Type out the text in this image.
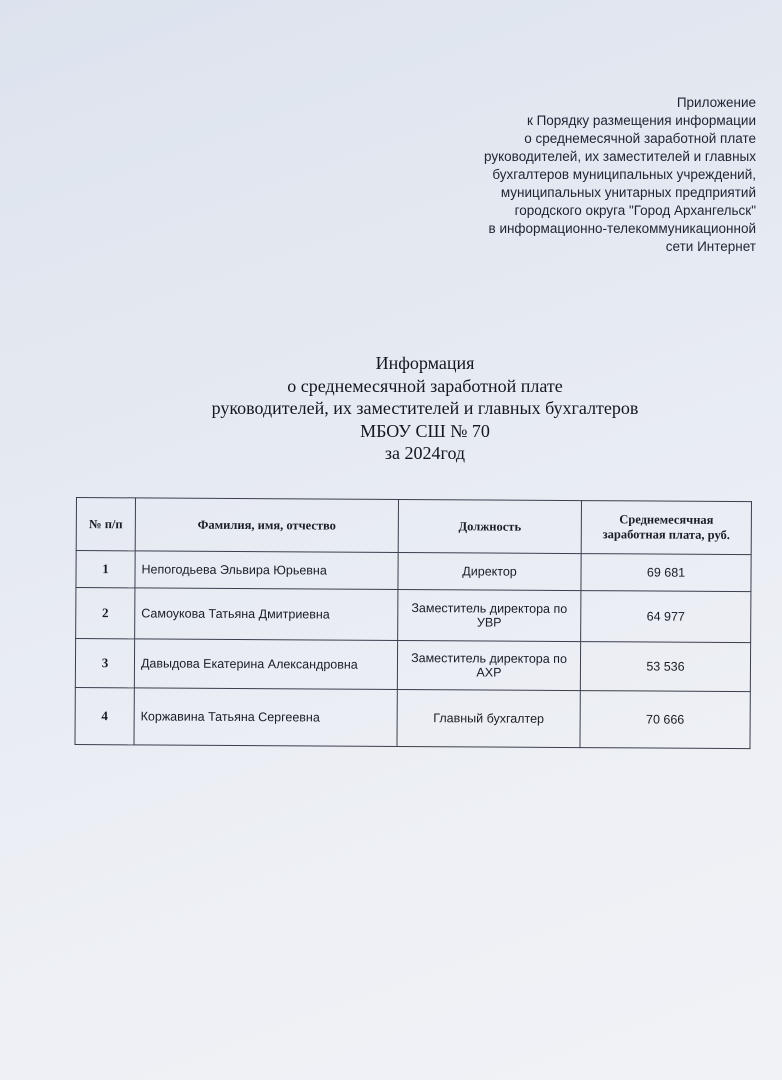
Приложение
к Порядку размещения информации
о среднемесячной заработной плате
руководителей, их заместителей и главных
бухгалтеров муниципальных учреждений,
муниципальных унитарных предприятий
городского округа "Город Архангельск"
в информационно-телекоммуникационной
сети Интернет
Информация
о среднемесячной заработной плате
руководителей, их заместителей и главных бухгалтеров
МБОУ СШ № 70
за 2024год
№ п/п	Фамилия, имя, отчество	Должность	Среднемесячная заработная плата, руб.
1	Непогодьева Эльвира Юрьевна	Директор	69 681
2	Самоукова Татьяна Дмитриевна	Заместитель директора по УВР	64 977
3	Давыдова Екатерина Александровна	Заместитель директора по АХР	53 536
4	Коржавина Татьяна Сергеевна	Главный бухгалтер	70 666
